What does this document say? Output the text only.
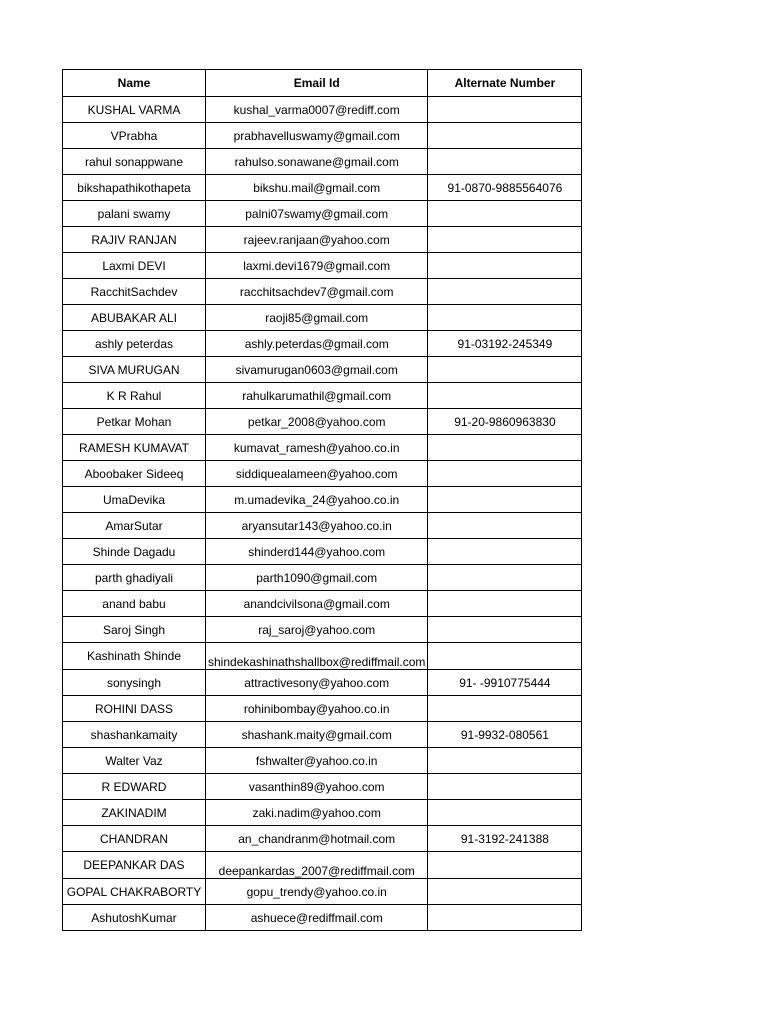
Name	Email Id	Alternate Number
KUSHAL VARMA	kushal_varma0007@rediff.com	
VPrabha	prabhavelluswamy@gmail.com	
rahul sonappwane	rahulso.sonawane@gmail.com	
bikshapathikothapeta	bikshu.mail@gmail.com	91-0870-9885564076
palani swamy	palni07swamy@gmail.com	
RAJIV RANJAN	rajeev.ranjaan@yahoo.com	
Laxmi DEVI	laxmi.devi1679@gmail.com	
RacchitSachdev	racchitsachdev7@gmail.com	
ABUBAKAR ALI	raoji85@gmail.com	
ashly peterdas	ashly.peterdas@gmail.com	91-03192-245349
SIVA MURUGAN	sivamurugan0603@gmail.com	
K R Rahul	rahulkarumathil@gmail.com	
Petkar Mohan	petkar_2008@yahoo.com	91-20-9860963830
RAMESH KUMAVAT	kumavat_ramesh@yahoo.co.in	
Aboobaker Sideeq	siddiquealameen@yahoo.com	
UmaDevika	m.umadevika_24@yahoo.co.in	
AmarSutar	aryansutar143@yahoo.co.in	
Shinde Dagadu	shinderd144@yahoo.com	
parth ghadiyali	parth1090@gmail.com	
anand babu	anandcivilsona@gmail.com	
Saroj Singh	raj_saroj@yahoo.com	
Kashinath Shinde	shindekashinathshallbox@rediffmail.com	

sonysingh	attractivesony@yahoo.com	91- -9910775444
ROHINI DASS	rohinibombay@yahoo.co.in	
shashankamaity	shashank.maity@gmail.com	91-9932-080561
Walter Vaz	fshwalter@yahoo.co.in	
R EDWARD	vasanthin89@yahoo.com	
ZAKINADIM	zaki.nadim@yahoo.com	
CHANDRAN	an_chandranm@hotmail.com	91-3192-241388
DEEPANKAR DAS	deepankardas_2007@rediffmail.com	

GOPAL CHAKRABORTY	gopu_trendy@yahoo.co.in	
AshutoshKumar	ashuece@rediffmail.com	
